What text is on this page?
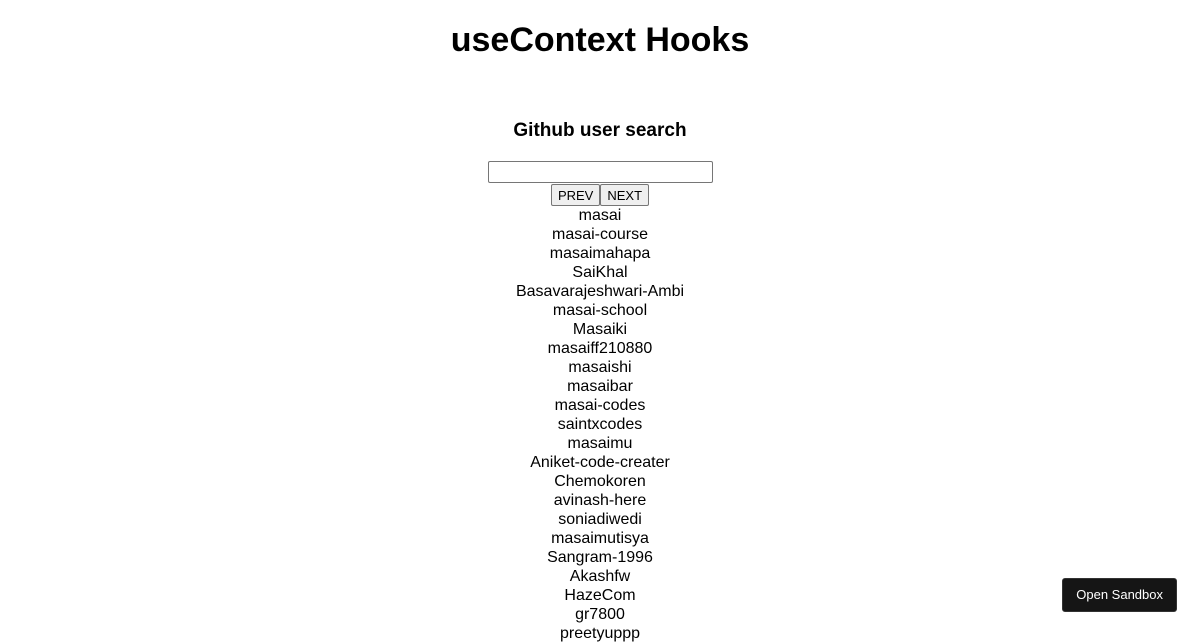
useContext Hooks
Github user search
PREV NEXT
masai
masai-course
masaimahapa
SaiKhal
Basavarajeshwari-Ambi
masai-school
Masaiki
masaiff210880
masaishi
masaibar
masai-codes
saintxcodes
masaimu
Aniket-code-creater
Chemokoren
avinash-here
soniadiwedi
masaimutisya
Sangram-1996
Akashfw
HazeCom
gr7800
preetyuppp
Open Sandbox
